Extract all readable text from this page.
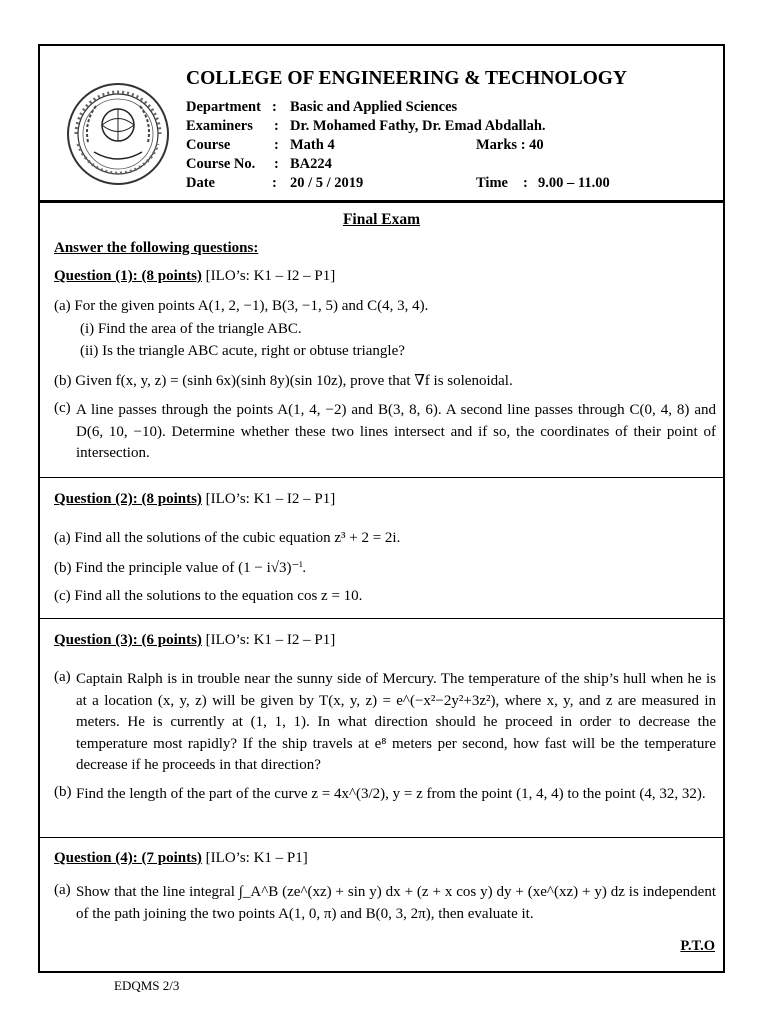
COLLEGE OF ENGINEERING & TECHNOLOGY
Department : Basic and Applied Sciences
Examiners : Dr. Mohamed Fathy, Dr. Emad Abdallah.
Course	: Math 4	Marks : 40
Course No. : BA224
Date	: 20 / 5 / 2019	Time : 9.00 – 11.00
Final Exam
Answer the following questions:
Question (1): (8 points) [ILO’s: K1 – I2 – P1]
(a) For the given points A(1, 2, −1), B(3, −1, 5) and C(4, 3, 4).
(i) Find the area of the triangle ABC.
(ii) Is the triangle ABC acute, right or obtuse triangle?
(b) Given f(x, y, z) = (sinh 6x)(sinh 8y)(sin 10z), prove that ∇f is solenoidal.
(c) A line passes through the points A(1, 4, −2) and B(3, 8, 6). A second line passes through C(0, 4, 8) and D(6, 10, −10). Determine whether these two lines intersect and if so, the coordinates of their point of intersection.
Question (2): (8 points) [ILO’s: K1 – I2 – P1]
(a) Find all the solutions of the cubic equation z³ + 2 = 2i.
(b) Find the principle value of (1 − i√3)⁻ⁱ.
(c) Find all the solutions to the equation cos z = 10.
Question (3): (6 points) [ILO’s: K1 – I2 – P1]
(a) Captain Ralph is in trouble near the sunny side of Mercury. The temperature of the ship’s hull when he is at a location (x, y, z) will be given by T(x, y, z) = e^(−x²−2y²+3z²), where x, y, and z are measured in meters. He is currently at (1, 1, 1). In what direction should he proceed in order to decrease the temperature most rapidly? If the ship travels at e⁸ meters per second, how fast will be the temperature decrease if he proceeds in that direction?
(b) Find the length of the part of the curve z = 4x^(3/2), y = z from the point (1, 4, 4) to the point (4, 32, 32).
Question (4): (7 points) [ILO’s: K1 – P1]
(a) Show that the line integral ∫_A^B (ze^(xz) + sin y) dx + (z + x cos y) dy + (xe^(xz) + y) dz is independent of the path joining the two points A(1, 0, π) and B(0, 3, 2π), then evaluate it.
P.T.O
EDQMS 2/3
